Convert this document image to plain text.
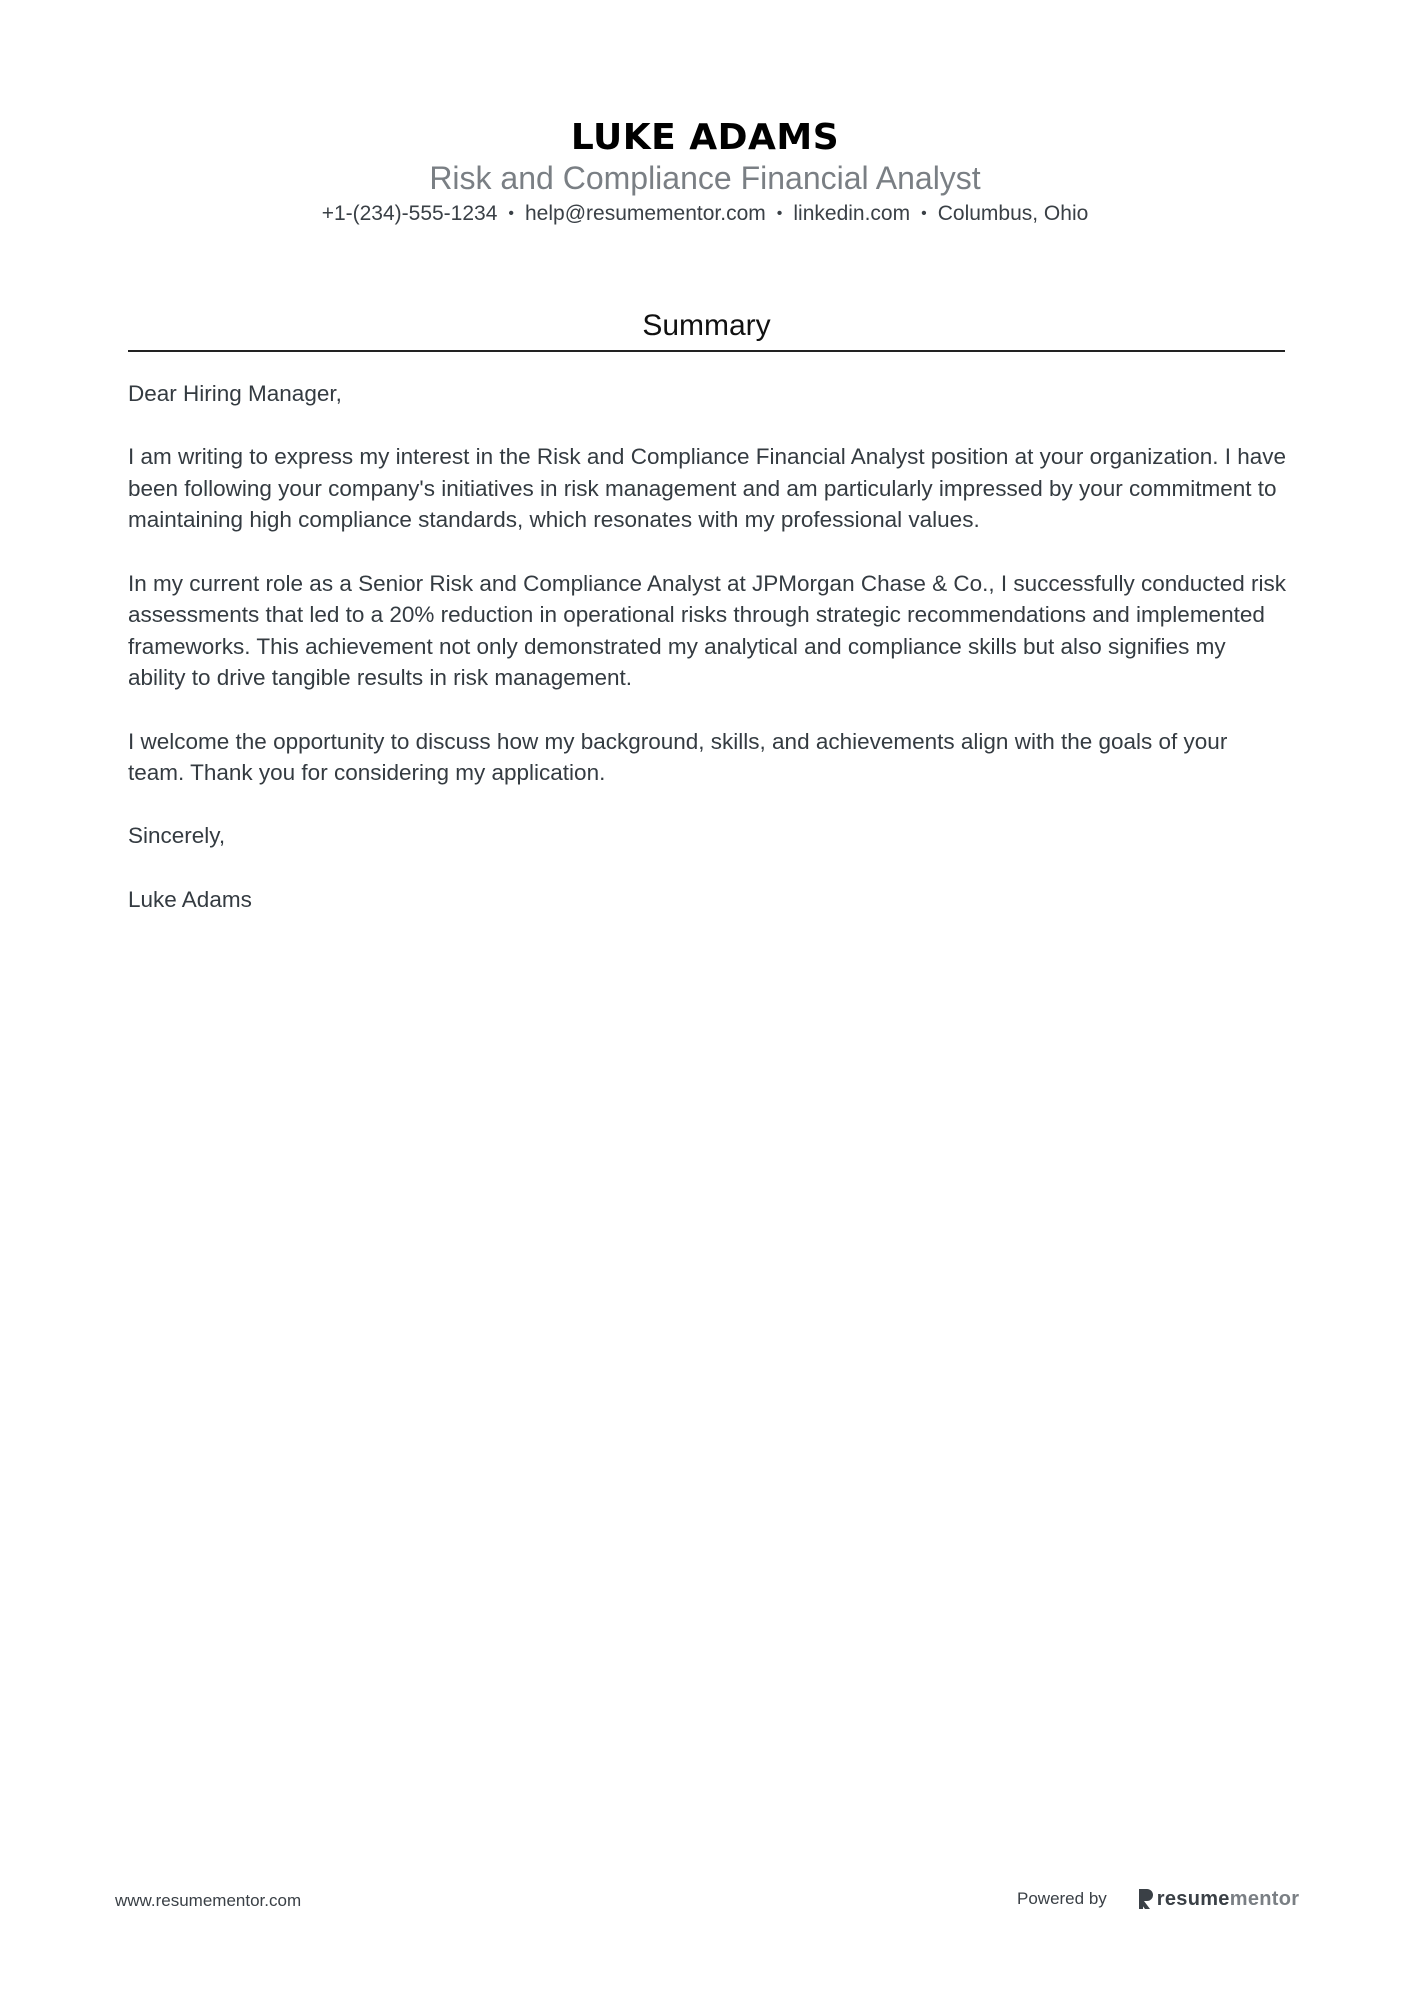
LUKE ADAMS
Risk and Compliance Financial Analyst
+1-(234)-555-1234 • help@resumementor.com • linkedin.com • Columbus, Ohio
Summary

Dear Hiring Manager,

I am writing to express my interest in the Risk and Compliance Financial Analyst position at your organization. I have been following your company's initiatives in risk management and am particularly impressed by your commitment to maintaining high compliance standards, which resonates with my professional values.

In my current role as a Senior Risk and Compliance Analyst at JPMorgan Chase & Co., I successfully conducted risk assessments that led to a 20% reduction in operational risks through strategic recommendations and implemented frameworks. This achievement not only demonstrated my analytical and compliance skills but also signifies my ability to drive tangible results in risk management.

I welcome the opportunity to discuss how my background, skills, and achievements align with the goals of your team. Thank you for considering my application.

Sincerely,

Luke Adams

www.resumementor.com	Powered by	resumementor
